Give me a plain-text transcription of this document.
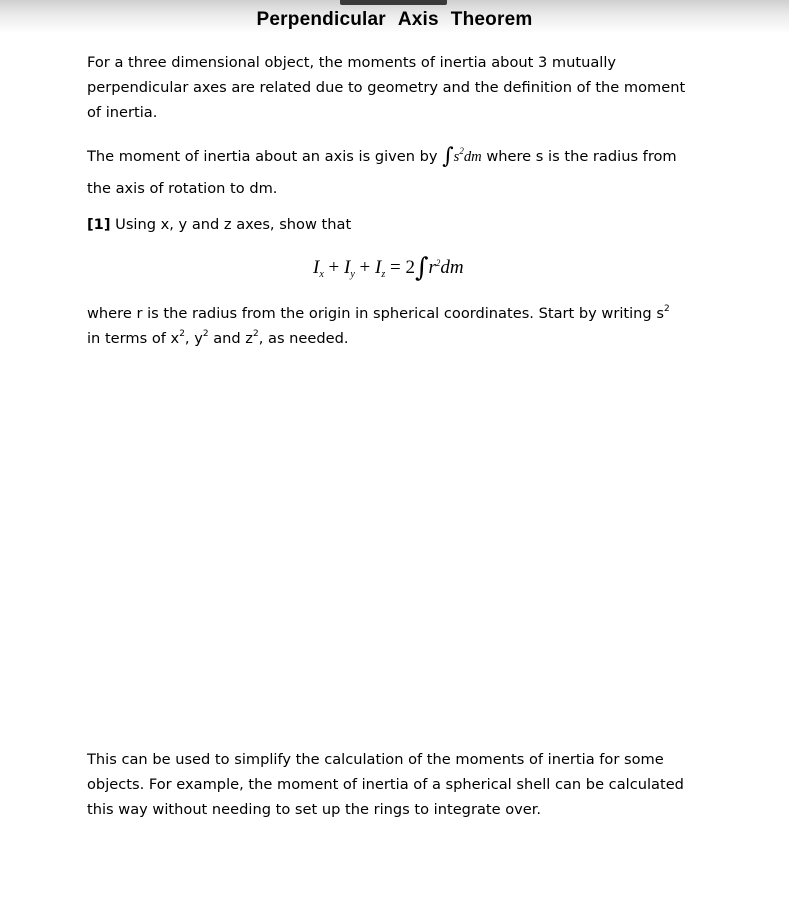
Perpendicular Axis Theorem
For a three dimensional object, the moments of inertia about 3 mutually perpendicular axes are related due to geometry and the definition of the moment of inertia.
The moment of inertia about an axis is given by $\int s^2dm$ where s is the radius from the axis of rotation to dm.
[1] Using x, y and z axes, show that
$I_x + I_y + I_z = 2\int r^2dm$
where r is the radius from the origin in spherical coordinates. Start by writing $s^2$
in terms of $x^2$, $y^2$ and $z^2$, as needed.
This can be used to simplify the calculation of the moments of inertia for some objects. For example, the moment of inertia of a spherical shell can be calculated this way without needing to set up the rings to integrate over.
